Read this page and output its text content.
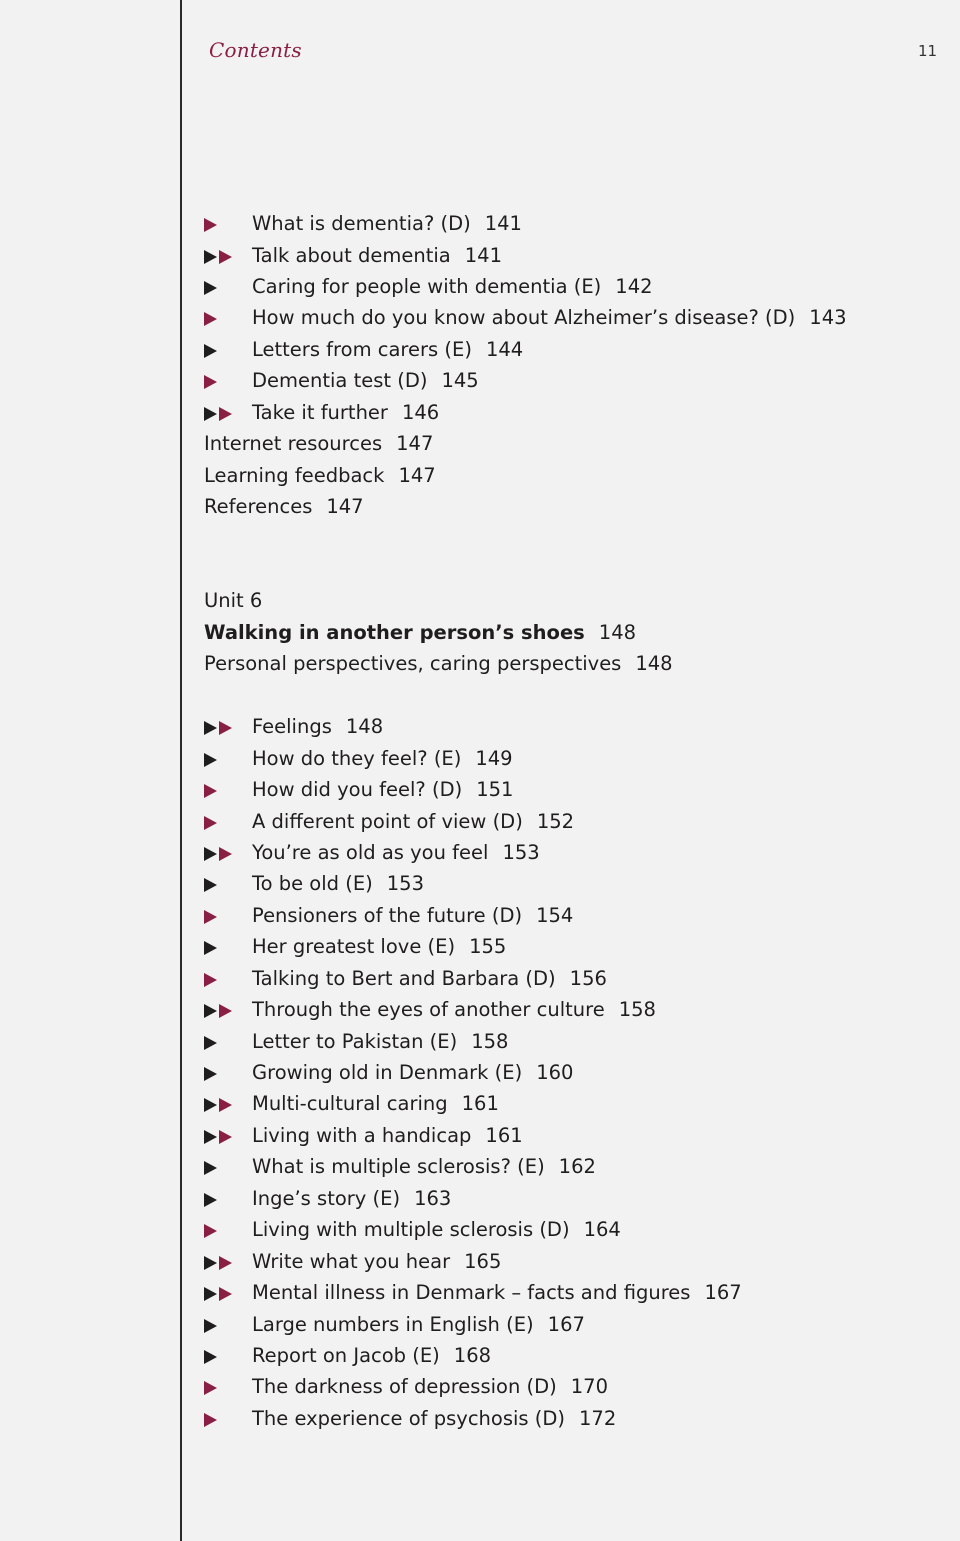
Contents	11
What is dementia? (D) 141
Talk about dementia 141
Caring for people with dementia (E) 142
How much do you know about Alzheimer’s disease? (D) 143
Letters from carers (E) 144
Dementia test (D) 145
Take it further 146
Internet resources 147
Learning feedback 147
References 147
Unit 6
Walking in another person’s shoes 148
Personal perspectives, caring perspectives 148
Feelings 148
How do they feel? (E) 149
How did you feel? (D) 151
A different point of view (D) 152
You’re as old as you feel 153
To be old (E) 153
Pensioners of the future (D) 154
Her greatest love (E) 155
Talking to Bert and Barbara (D) 156
Through the eyes of another culture 158
Letter to Pakistan (E) 158
Growing old in Denmark (E) 160
Multi-cultural caring 161
Living with a handicap 161
What is multiple sclerosis? (E) 162
Inge’s story (E) 163
Living with multiple sclerosis (D) 164
Write what you hear 165
Mental illness in Denmark – facts and figures 167
Large numbers in English (E) 167
Report on Jacob (E) 168
The darkness of depression (D) 170
The experience of psychosis (D) 172
